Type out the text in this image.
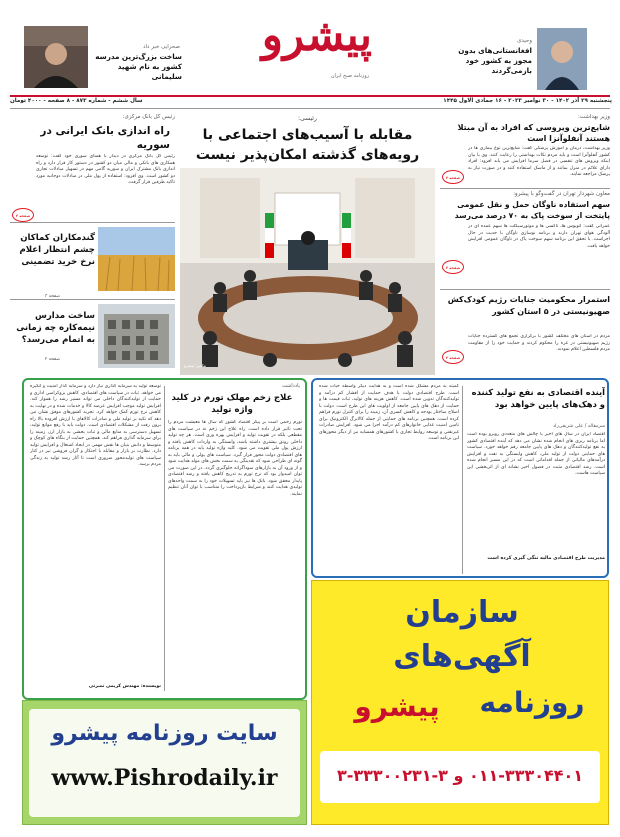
وحیدی
افغانستانی‌های بدون مجوز به کشور خود بازمی‌گردند
پیشرو
روزنامه صبح ایران
صحرایی خبر داد
ساخت بزرگ‌ترین مدرسه کشور به نام شهید سلیمانی
پنجشنبه ۲۹ آذر ۱۴۰۲ - ۳۰ نوامبر ۲۰۲۳ - ۱۶ جمادی الاول ۱۴۴۵
سال ششم - شماره ۸۷۳ - ۸ صفحه - ۴۰۰۰ تومان
وزیر بهداشت:
شایع‌ترین ویروسی که افراد به آن مبتلا هستند آنفلوآنزا است
وزیر بهداشت، درمان و آموزش پزشکی گفت: شایع‌ترین نوع بیماری ها در کشور آنفلوآنزا است و باید مردم نکات بهداشتی را رعایت کنند. وی با بیان اینکه ویروس های تنفسی در فصل سرما افزایش می یابد افزود: افراد دارای علائم در منزل بمانند و از ماسک استفاده کنند و در صورت نیاز به پزشک مراجعه نمایند.
صفحه ۲
معاون شهردار تهران در گفت‌وگو با پیشرو:
سهم استفاده ناوگان حمل و نقل عمومی پایتخت از سوخت پاک به ۷۰ درصد می‌رسد
عمرانی گفت: اتوبوس ها، تاکسی ها و موتورسیکلت ها سهم عمده ای در آلودگی هوای تهران دارند و برنامه نوسازی ناوگان با جدیت در حال اجراست. با تحقق این برنامه سهم سوخت پاک در ناوگان عمومی افزایش خواهد یافت.
صفحه ۲
استمرار محکومیت جنایات رژیم کودک‌کش صهیونیستی در ۵ استان کشور
مردم در استان های مختلف کشور با برگزاری تجمع های گسترده جنایات رژیم صهیونیستی در غزه را محکوم کردند و حمایت خود را از مقاومت مردم فلسطین اعلام نمودند.
صفحه ۲
رئیسی:
مقابله با آسیب‌های اجتماعی با رویه‌های گذشته امکان‌پذیر نیست
عکس: پیشرو
رئیس کل بانک مرکزی:
راه اندازی بانک ایرانی در سوریه
رئیس کل بانک مرکزی در دیدار با همتای سوری خود گفت: توسعه همکاری های بانکی و مالی میان دو کشور در دستور کار قرار دارد و راه اندازی بانک مشترک ایران و سوریه گامی مهم در تسهیل مبادلات تجاری دو کشور است. وی افزود: استفاده از پول ملی در مبادلات دوجانبه مورد تاکید طرفین قرار گرفت.
صفحه ۳
گندمکاران کماکان چشم انتظار اعلام نرخ خرید تضمینی
صفحه ۳
ساخت مدارس نیمه‌کاره چه زمانی به اتمام می‌رسد؟
صفحه ۲
یادداشت
علاج زخم مهلک تورم در کلید واژه تولید
تورم زخمی است بر پیکر اقتصاد کشور که سال ها معیشت مردم را تحت تاثیر قرار داده است. راه علاج این زخم نه در سیاست های مقطعی بلکه در تقویت تولید و افزایش بهره وری است. هر چه تولید داخلی رونق بیشتری داشته باشد، وابستگی به واردات کاهش یافته و ارزش پول ملی تقویت می شود. کلید واژه تولید باید در همه برنامه های اقتصادی دولت محور قرار گیرد. سیاست های پولی و مالی باید به گونه ای طراحی شود که نقدینگی به سمت بخش های مولد هدایت شود و از ورود آن به بازارهای سوداگرانه جلوگیری گردد. در این صورت می توان امیدوار بود که نرخ تورم به تدریج کاهش یافته و رشد اقتصادی پایدار محقق شود. بانک ها نیز باید تسهیلات خود را به سمت واحدهای تولیدی هدایت کنند و شرایط بازپرداخت را متناسب با توان آنان تنظیم نمایند.
توسعه تولید به سرمایه گذاری نیاز دارد و سرمایه گذار امنیت و انگیزه می خواهد. ثبات در سیاست های اقتصادی، کاهش بروکراسی اداری و حمایت از تولیدکنندگان داخلی می تواند مسیر رشد را هموار کند. افزایش تولید موجب افزایش عرضه کالا و خدمات شده و در نهایت به کاهش نرخ تورم کمک خواهد کرد. تجربه کشورهای موفق نشان می دهد که تکیه بر تولید ملی و صادرات کالاهای با ارزش افزوده بالا راه برون رفت از مشکلات اقتصادی است. دولت باید با رفع موانع تولید، تسهیل دسترسی به منابع مالی و ثبات بخشی به بازار ارز، زمینه را برای سرمایه گذاری فراهم کند. همچنین حمایت از بنگاه های کوچک و متوسط و دانش بنیان ها نقش مهمی در ایجاد اشتغال و افزایش تولید دارد. نظارت بر بازار و مقابله با احتکار و گران فروشی نیز در کنار سیاست های تولیدمحور ضروری است تا آثار رشد تولید به زندگی مردم برسد.
نویسنده: مهندس کریمی نصرتی
کمیته به مردم مشکل شده است و به هدایت دیگر واسطه حیات شده است. طرح اقتصادی دولت با هدف حمایت از اقشار کم درآمد و تولیدکنندگان تدوین شده است. کاهش هزینه های تولید، ثبات قیمت ها و حمایت از دهک های پایین جامعه از اولویت های این طرح است. دولت با اصلاح ساختار بودجه و کاهش کسری آن، زمینه را برای کنترل تورم فراهم کرده است. همچنین برنامه های حمایتی از جمله کالابرگ الکترونیک برای تامین امنیت غذایی خانوارهای کم درآمد اجرا می شود. افزایش صادرات غیرنفتی و توسعه روابط تجاری با کشورهای همسایه نیز از دیگر محورهای این برنامه است.
آینده اقتصادی به نفع تولید کننده و دهک‌های پایین خواهد بود
سرمقاله / علی شریفی‌راد
اقتصاد ایران در سال های اخیر با چالش های متعددی روبرو بوده است اما برنامه ریزی های انجام شده نشان می دهد که آینده اقتصادی کشور به نفع تولیدکنندگان و دهک های پایین جامعه رقم خواهد خورد. سیاست های حمایتی دولت از تولید ملی، کاهش وابستگی به نفت و افزایش درآمدهای مالیاتی از جمله اقداماتی است که در این مسیر انجام شده است. رشد اقتصادی مثبت در فصول اخیر نشانه ای از اثربخشی این سیاست هاست.
مدیریت طرح اقتصادی مالیه تنگی گیری کرده است
سایت روزنامه پیشرو
www.Pishrodaily.ir
سازمان
آگهی‌های
روزنامه
پیشرو
۰۱۱-۳۳۳۰۴۴۰۱ و ۳-۳۳۳۰۰۲۳۱-۳
